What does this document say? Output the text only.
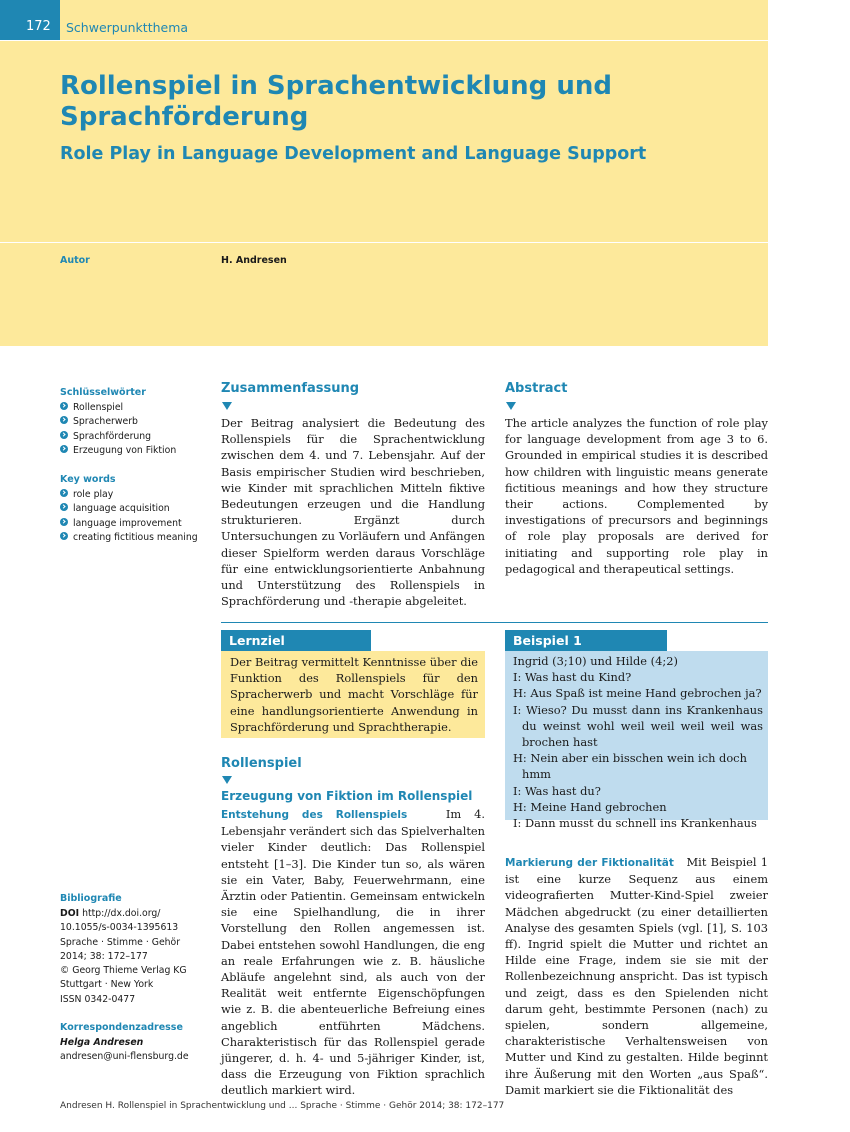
172 Schwerpunktthema
Rollenspiel in Sprachentwicklung und Sprachförderung
Role Play in Language Development and Language Support
Autor	H. Andresen
Schlüsselwörter
Rollenspiel
Spracherwerb
Sprachförderung
Erzeugung von Fiktion
Key words
role play
language acquisition
language improvement
creating fictitious meaning
Bibliografie
DOI http://dx.doi.org/
10.1055/s-0034-1395613
Sprache · Stimme · Gehör
2014; 38: 172–177
© Georg Thieme Verlag KG
Stuttgart · New York
ISSN 0342-0477
Korrespondenzadresse
Helga Andresen
andresen@uni-flensburg.de
Zusammenfassung

Der Beitrag analysiert die Bedeutung des Rollenspiels für die Sprachentwicklung zwischen dem 4. und 7. Lebensjahr. Auf der Basis empirischer Studien wird beschrieben, wie Kinder mit sprachlichen Mitteln fiktive Bedeutungen erzeugen und die Handlung strukturieren. Ergänzt durch Untersuchungen zu Vorläufern und Anfängen dieser Spielform werden daraus Vorschläge für eine entwicklungsorientierte Anbahnung und Unterstützung des Rollenspiels in Sprachförderung und -therapie abgeleitet.

Abstract

The article analyzes the function of role play for language development from age 3 to 6. Grounded in empirical studies it is described how children with linguistic means generate fictitious meanings and how they structure their actions. Complemented by investigations of precursors and beginnings of role play proposals are derived for initiating and supporting role play in pedagogical and therapeutical settings.

Lernziel

Der Beitrag vermittelt Kenntnisse über die Funktion des Rollenspiels für den Spracherwerb und macht Vorschläge für eine handlungsorientierte Anwendung in Sprachförderung und Sprachtherapie.

Beispiel 1
Ingrid (3;10) und Hilde (4;2)
I: Was hast du Kind?
H: Aus Spaß ist meine Hand gebrochen ja?
I: Wieso? Du musst dann ins Krankenhaus du weinst wohl weil weil weil weil was brochen hast
H: Nein aber ein bisschen wein ich doch hmm
I: Was hast du?
H: Meine Hand gebrochen
I: Dann musst du schnell ins Krankenhaus
Rollenspiel
Erzeugung von Fiktion im Rollenspiel

Entstehung des Rollenspiels	Im 4. Lebensjahr verändert sich das Spielverhalten vieler Kinder deutlich: Das Rollenspiel entsteht [1–3]. Die Kinder tun so, als wären sie ein Vater, Baby, Feuerwehrmann, eine Ärztin oder Patientin. Gemeinsam entwickeln sie eine Spielhandlung, die in ihrer Vorstellung den Rollen angemessen ist. Dabei entstehen sowohl Handlungen, die eng an reale Erfahrungen wie z. B. häusliche Abläufe angelehnt sind, als auch von der Realität weit entfernte Eigenschöpfungen wie z. B. die abenteuerliche Befreiung eines angeblich entführten Mädchens. Charakteristisch für das Rollenspiel gerade jüngerer, d. h. 4- und 5-jähriger Kinder, ist, dass die Erzeugung von Fiktion sprachlich deutlich markiert wird.

Markierung der Fiktionalität Mit Beispiel 1 ist eine kurze Sequenz aus einem videografierten Mutter-Kind-Spiel zweier Mädchen abgedruckt (zu einer detaillierten Analyse des gesamten Spiels (vgl. [1], S. 103 ff). Ingrid spielt die Mutter und richtet an Hilde eine Frage, indem sie sie mit der Rollenbezeichnung anspricht. Das ist typisch und zeigt, dass es den Spielenden nicht darum geht, bestimmte Personen (nach) zu spielen, sondern allgemeine, charakteristische Verhaltensweisen von Mutter und Kind zu gestalten. Hilde beginnt ihre Äußerung mit den Worten „aus Spaß“. Damit markiert sie die Fiktionalität des

Andresen H. Rollenspiel in Sprachentwicklung und ... Sprache · Stimme · Gehör 2014; 38: 172–177
